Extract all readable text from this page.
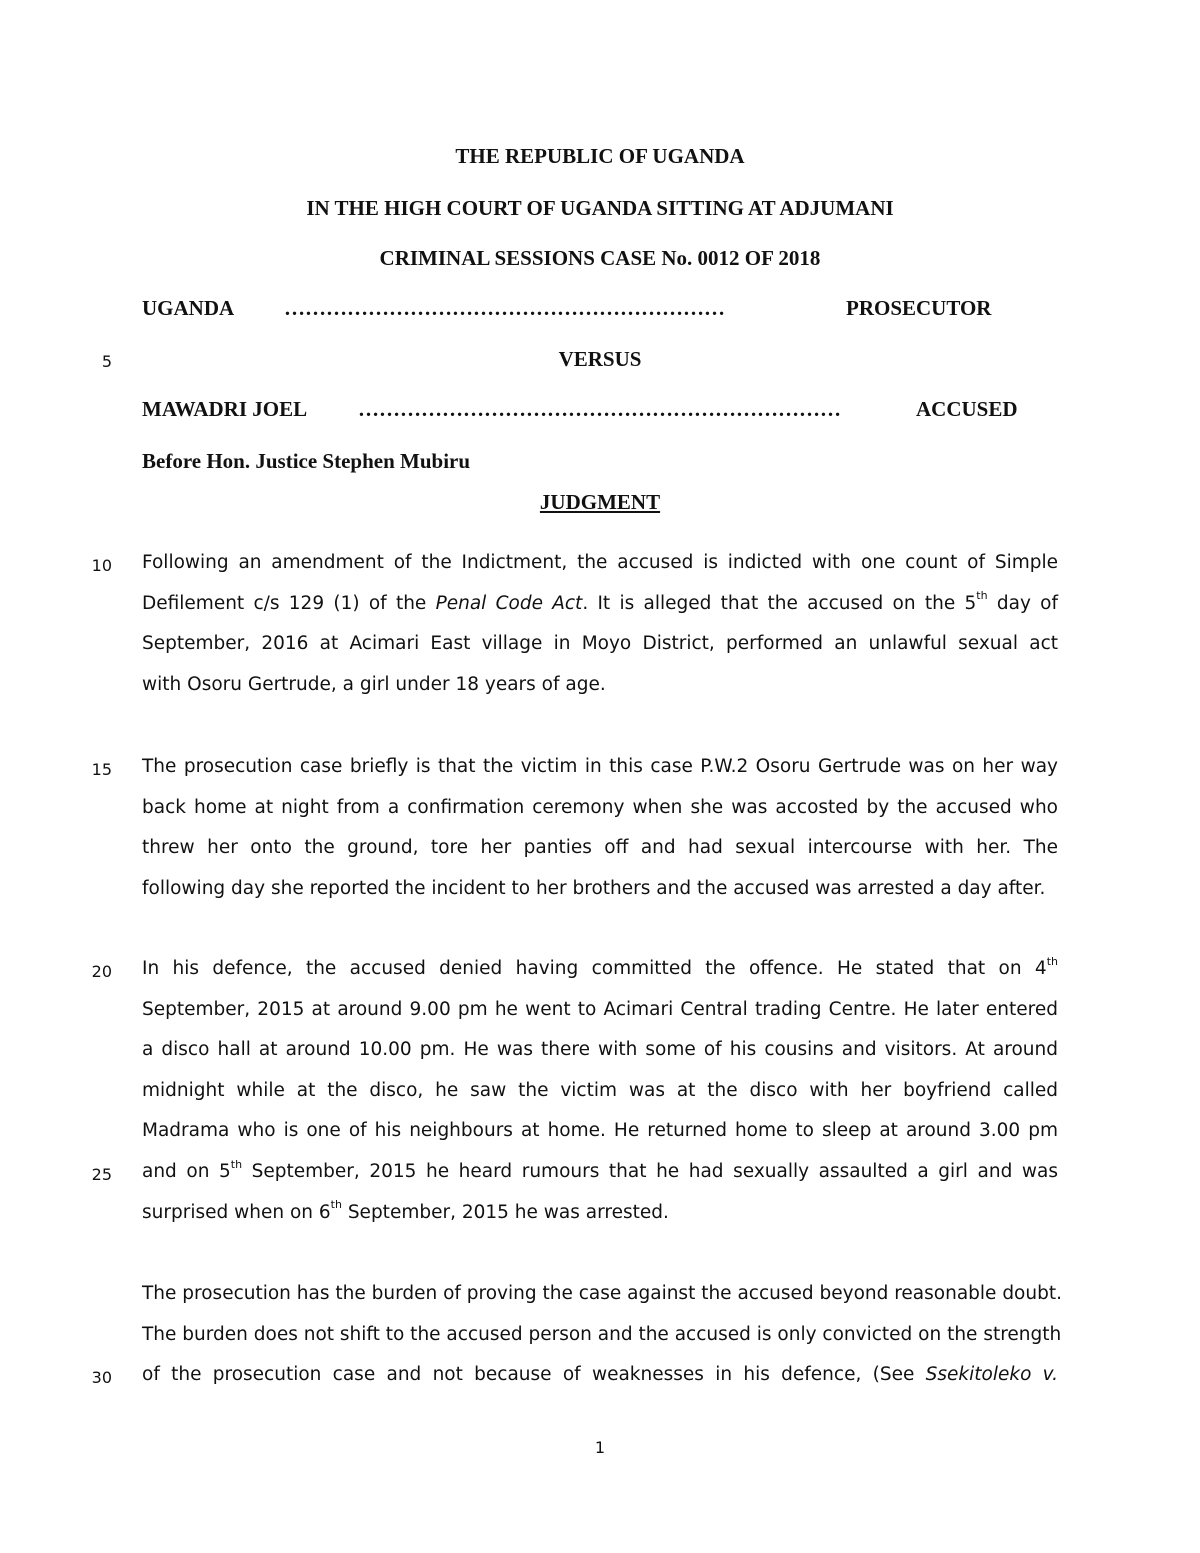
THE REPUBLIC OF UGANDA
IN THE HIGH COURT OF UGANDA SITTING AT ADJUMANI
CRIMINAL SESSIONS CASE No. 0012 OF 2018
UGANDA ………………………………………………………	PROSECUTOR
5	VERSUS
MAWADRI JOEL ……………………………………………………………	ACCUSED
Before Hon. Justice Stephen Mubiru
JUDGMENT
10 Following an amendment of the Indictment, the accused is indicted with one count of Simple
Defilement c/s 129 (1) of the Penal Code Act. It is alleged that the accused on the 5th day of
September, 2016 at Acimari East village in Moyo District, performed an unlawful sexual act
with Osoru Gertrude, a girl under 18 years of age.
15 The prosecution case briefly is that the victim in this case P.W.2 Osoru Gertrude was on her way
back home at night from a confirmation ceremony when she was accosted by the accused who
threw her onto the ground, tore her panties off and had sexual intercourse with her. The
following day she reported the incident to her brothers and the accused was arrested a day after.
20
25
In his defence, the accused denied having committed the offence. He stated that on 4th
September, 2015 at around 9.00 pm he went to Acimari Central trading Centre. He later entered
a disco hall at around 10.00 pm. He was there with some of his cousins and visitors. At around
midnight while at the disco, he saw the victim was at the disco with her boyfriend called
Madrama who is one of his neighbours at home. He returned home to sleep at around 3.00 pm
and on 5th September, 2015 he heard rumours that he had sexually assaulted a girl and was
surprised when on 6th September, 2015 he was arrested.
30
The prosecution has the burden of proving the case against the accused beyond reasonable doubt.
The burden does not shift to the accused person and the accused is only convicted on the strength
of the prosecution case and not because of weaknesses in his defence, (See Ssekitoleko v.
1
